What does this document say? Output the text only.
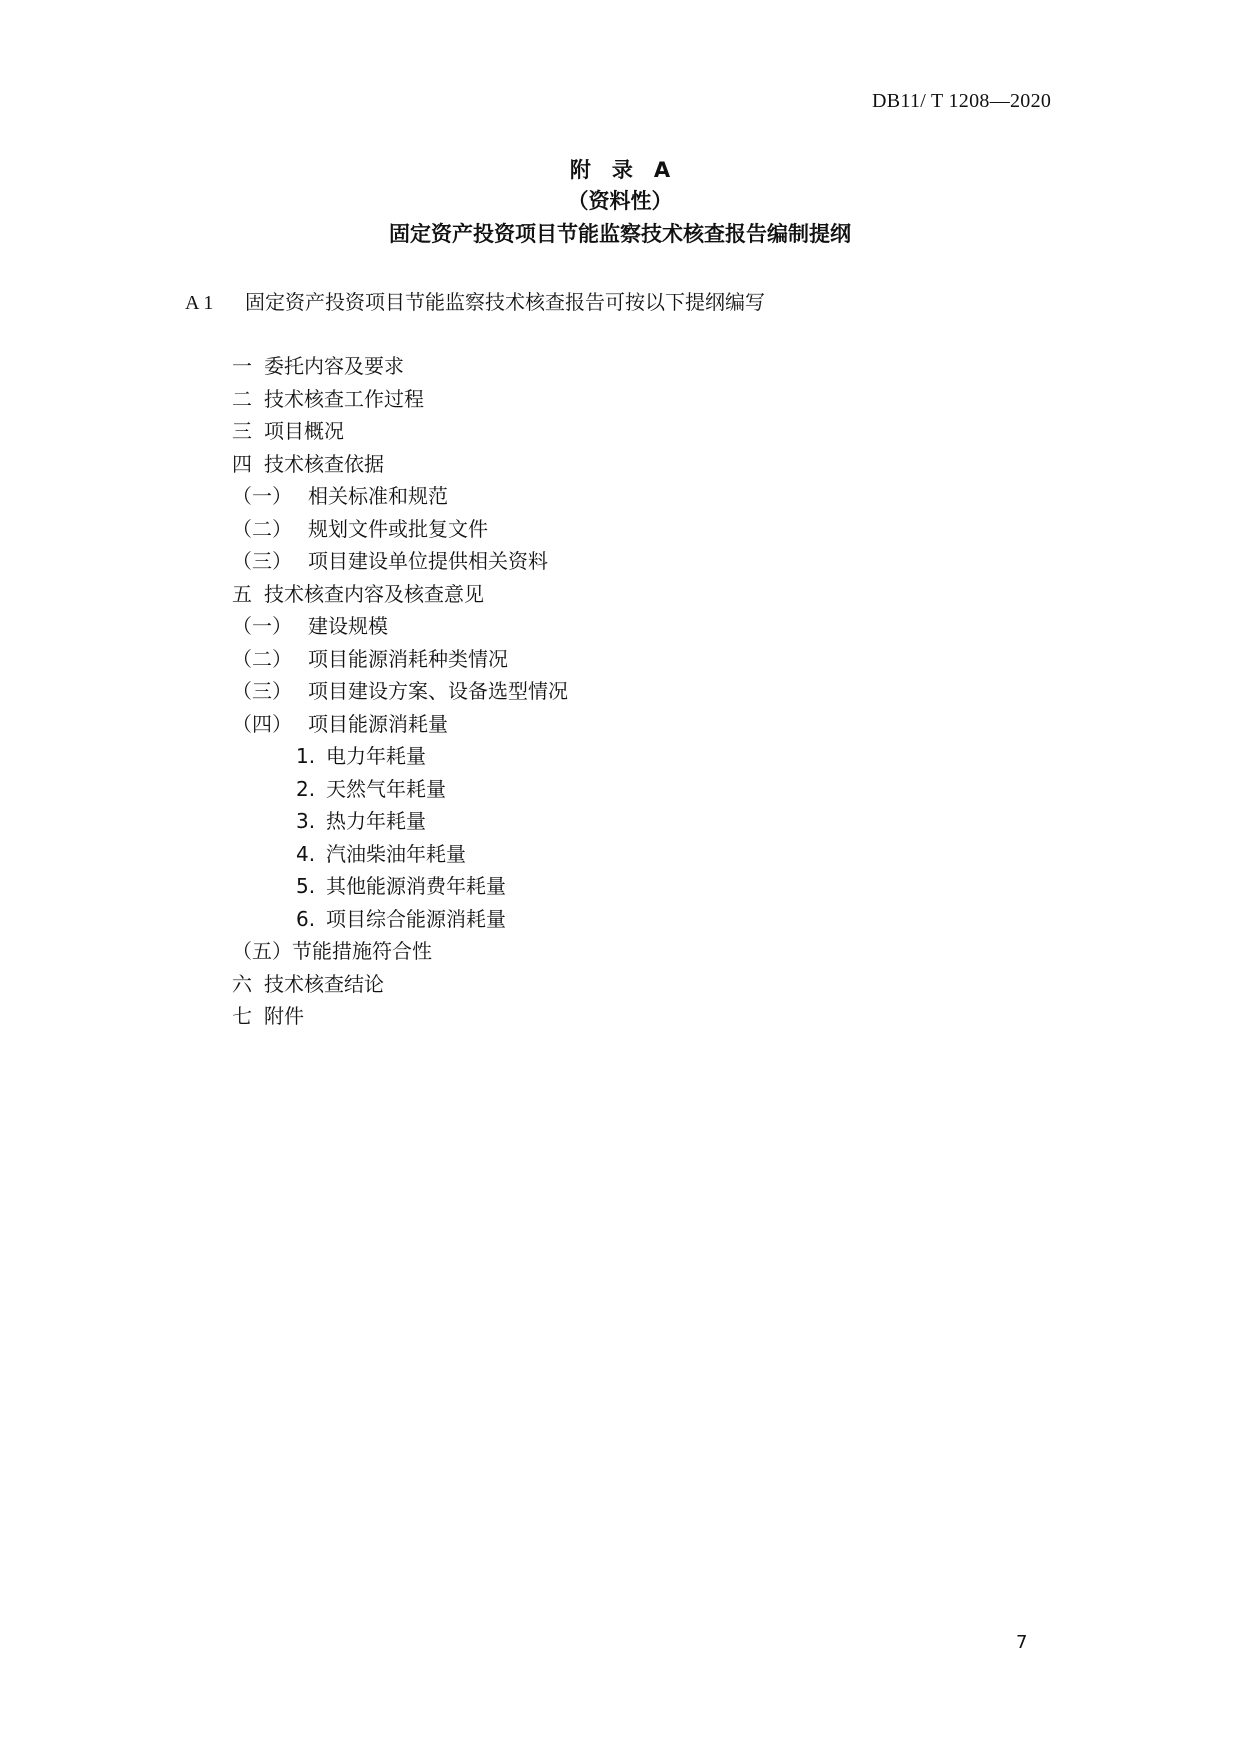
DB11/ T 1208—2020
附　录　A
（资料性）
固定资产投资项目节能监察技术核查报告编制提纲
A 1 固定资产投资项目节能监察技术核查报告可按以下提纲编写
一 委托内容及要求
二 技术核查工作过程
三 项目概况
四 技术核查依据
（一） 相关标准和规范
（二） 规划文件或批复文件
（三） 项目建设单位提供相关资料
五 技术核查内容及核查意见
（一） 建设规模
（二） 项目能源消耗种类情况
（三） 项目建设方案、设备选型情况
（四） 项目能源消耗量
1. 电力年耗量
2. 天然气年耗量
3. 热力年耗量
4. 汽油柴油年耗量
5. 其他能源消费年耗量
6. 项目综合能源消耗量
（五）节能措施符合性
六 技术核查结论
七 附件
7
